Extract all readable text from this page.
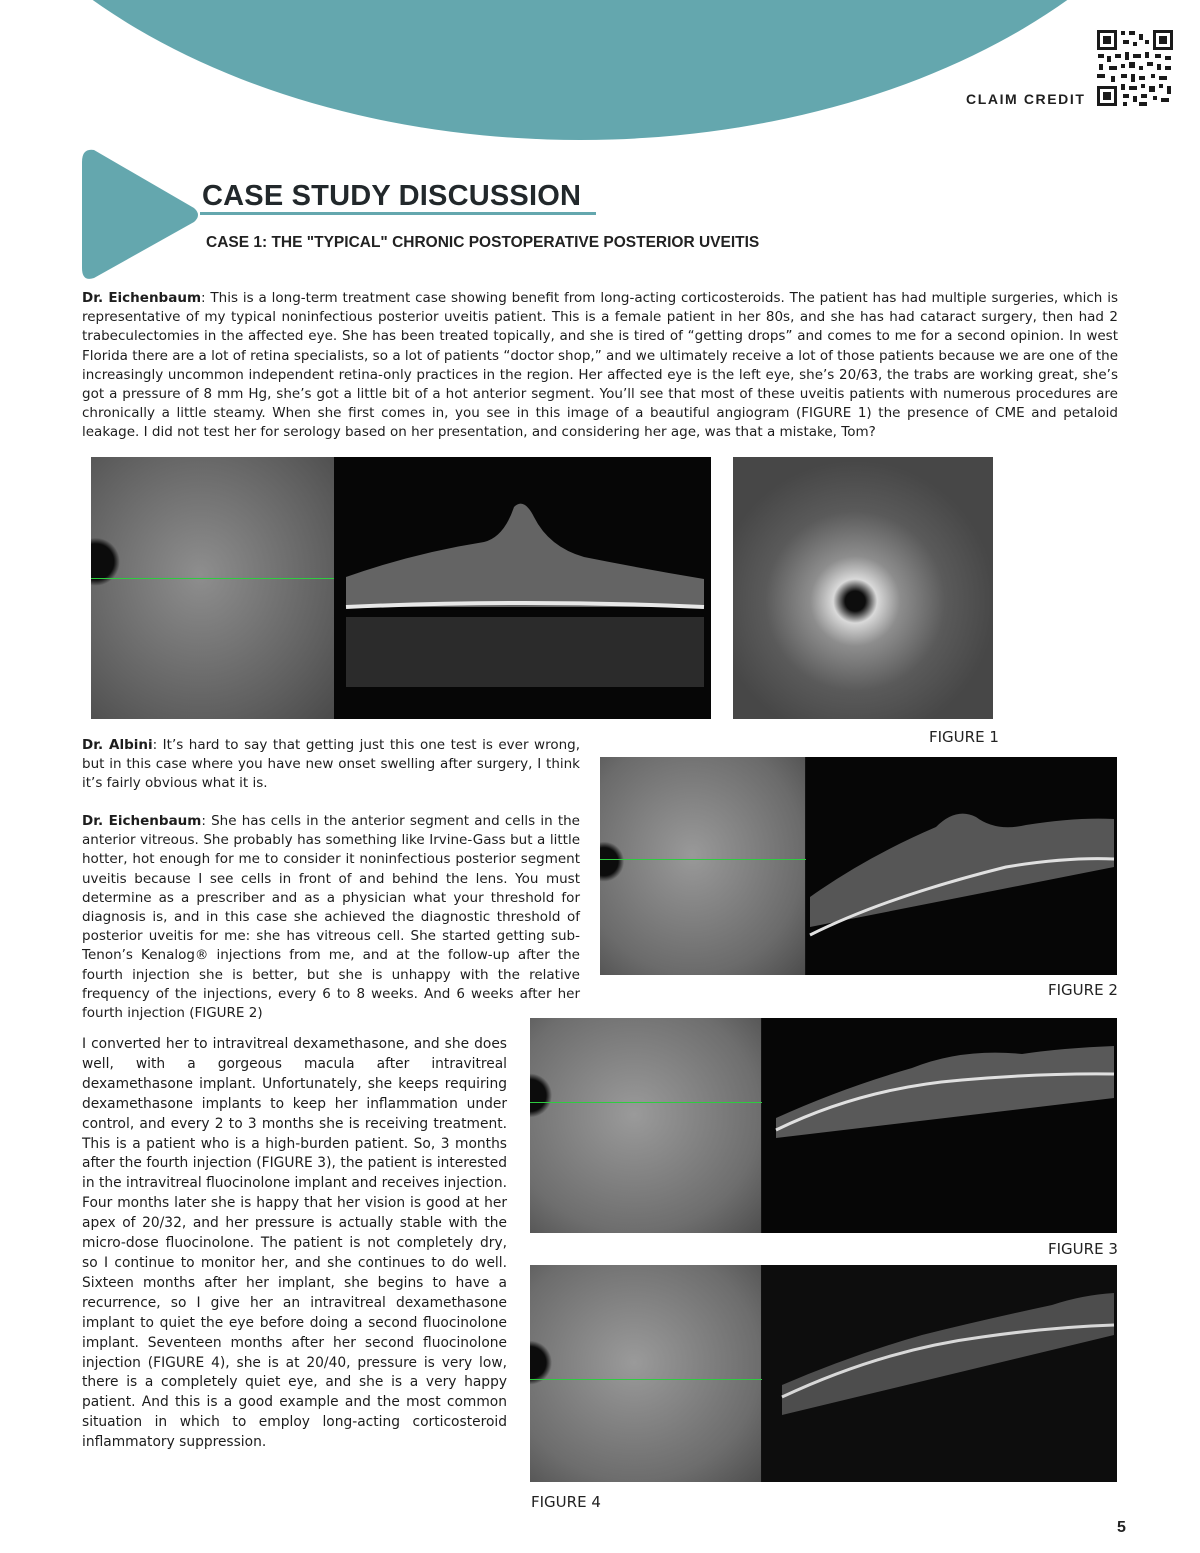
CLAIM CREDIT
CASE STUDY DISCUSSION
CASE 1: THE "TYPICAL" CHRONIC POSTOPERATIVE POSTERIOR UVEITIS
Dr. Eichenbaum: This is a long-term treatment case showing benefit from long-acting corticosteroids. The patient has had multiple surgeries, which is representative of my typical noninfectious posterior uveitis patient. This is a female patient in her 80s, and she has had cataract surgery, then had 2 trabeculectomies in the affected eye. She has been treated topically, and she is tired of “getting drops” and comes to me for a second opinion. In west Florida there are a lot of retina specialists, so a lot of patients “doctor shop,” and we ultimately receive a lot of those patients because we are one of the increasingly uncommon independent retina-only practices in the region. Her affected eye is the left eye, she’s 20/63, the trabs are working great, she’s got a pressure of 8 mm Hg, she’s got a little bit of a hot anterior segment. You’ll see that most of these uveitis patients with numerous procedures are chronically a little steamy. When she first comes in, you see in this image of a beautiful angiogram (FIGURE 1) the presence of CME and petaloid leakage. I did not test her for serology based on her presentation, and considering her age, was that a mistake, Tom?
FIGURE 1
Dr. Albini: It’s hard to say that getting just this one test is ever wrong, but in this case where you have new onset swelling after surgery, I think it’s fairly obvious what it is.
Dr. Eichenbaum: She has cells in the anterior segment and cells in the anterior vitreous. She probably has something like Irvine-Gass but a little hotter, hot enough for me to consider it noninfectious posterior segment uveitis because I see cells in front of and behind the lens. You must determine as a prescriber and as a physician what your threshold for diagnosis is, and in this case she achieved the diagnostic threshold of posterior uveitis for me: she has vitreous cell. She started getting sub-Tenon’s Kenalog® injections from me, and at the follow-up after the fourth injection she is better, but she is unhappy with the relative frequency of the injections, every 6 to 8 weeks. And 6 weeks after her fourth injection (FIGURE 2)
FIGURE 2
I converted her to intravitreal dexamethasone, and she does well, with a gorgeous macula after intravitreal dexamethasone implant. Unfortunately, she keeps requiring dexamethasone implants to keep her inflammation under control, and every 2 to 3 months she is receiving treatment. This is a patient who is a high-burden patient. So, 3 months after the fourth injection (FIGURE 3), the patient is interested in the intravitreal fluocinolone implant and receives injection. Four months later she is happy that her vision is good at her apex of 20/32, and her pressure is actually stable with the micro-dose fluocinolone. The patient is not completely dry, so I continue to monitor her, and she continues to do well. Sixteen months after her implant, she begins to have a recurrence, so I give her an intravitreal dexamethasone implant to quiet the eye before doing a second fluocinolone implant. Seventeen months after her second fluocinolone injection (FIGURE 4), she is at 20/40, pressure is very low, there is a completely quiet eye, and she is a very happy patient. And this is a good example and the most common situation in which to employ long-acting corticosteroid inflammatory suppression.
FIGURE 3
FIGURE 4
5
